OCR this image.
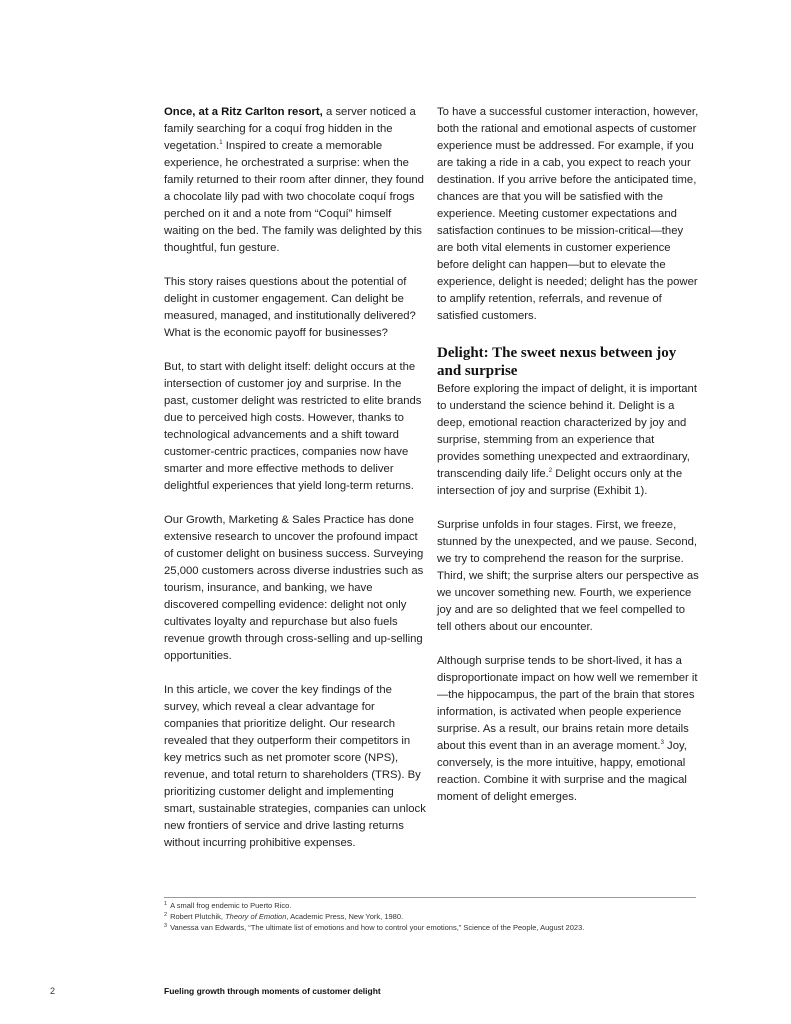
Once, at a Ritz Carlton resort, a server noticed a family searching for a coquí frog hidden in the vegetation.$^1$ Inspired to create a memorable experience, he orchestrated a surprise: when the family returned to their room after dinner, they found a chocolate lily pad with two chocolate coquí frogs perched on it and a note from “Coquí” himself waiting on the bed. The family was delighted by this thoughtful, fun gesture.

This story raises questions about the potential of delight in customer engagement. Can delight be measured, managed, and institutionally delivered? What is the economic payoff for businesses?

But, to start with delight itself: delight occurs at the intersection of customer joy and surprise. In the past, customer delight was restricted to elite brands due to perceived high costs. However, thanks to technological advancements and a shift toward customer-centric practices, companies now have smarter and more effective methods to deliver delightful experiences that yield long-term returns.

Our Growth, Marketing & Sales Practice has done extensive research to uncover the profound impact of customer delight on business success. Surveying 25,000 customers across diverse industries such as tourism, insurance, and banking, we have discovered compelling evidence: delight not only cultivates loyalty and repurchase but also fuels revenue growth through cross-selling and up-selling opportunities.

In this article, we cover the key findings of the survey, which reveal a clear advantage for companies that prioritize delight. Our research revealed that they outperform their competitors in key metrics such as net promoter score (NPS), revenue, and total return to shareholders (TRS). By prioritizing customer delight and implementing smart, sustainable strategies, companies can unlock new frontiers of service and drive lasting returns without incurring prohibitive expenses.

To have a successful customer interaction, however, both the rational and emotional aspects of customer experience must be addressed. For example, if you are taking a ride in a cab, you expect to reach your destination. If you arrive before the anticipated time, chances are that you will be satisfied with the experience. Meeting customer expectations and satisfaction continues to be mission-critical—they are both vital elements in customer experience before delight can happen—but to elevate the experience, delight is needed; delight has the power to amplify retention, referrals, and revenue of satisfied customers.

Delight: The sweet nexus between joy and surprise

Before exploring the impact of delight, it is important to understand the science behind it. Delight is a deep, emotional reaction characterized by joy and surprise, stemming from an experience that provides something unexpected and extraordinary, transcending daily life.$^2$ Delight occurs only at the intersection of joy and surprise (Exhibit 1).

Surprise unfolds in four stages. First, we freeze, stunned by the unexpected, and we pause. Second, we try to comprehend the reason for the surprise. Third, we shift; the surprise alters our perspective as we uncover something new. Fourth, we experience joy and are so delighted that we feel compelled to tell others about our encounter.

Although surprise tends to be short-lived, it has a disproportionate impact on how well we remember it—the hippocampus, the part of the brain that stores information, is activated when people experience surprise. As a result, our brains retain more details about this event than in an average moment.$^3$ Joy, conversely, is the more intuitive, happy, emotional reaction. Combine it with surprise and the magical moment of delight emerges.

$^1$ A small frog endemic to Puerto Rico.

$^2$ Robert Plutchik, Theory of Emotion, Academic Press, New York, 1980.

$^3$ Vanessa van Edwards, “The ultimate list of emotions and how to control your emotions,” Science of the People, August 2023.

2	Fueling growth through moments of customer delight
